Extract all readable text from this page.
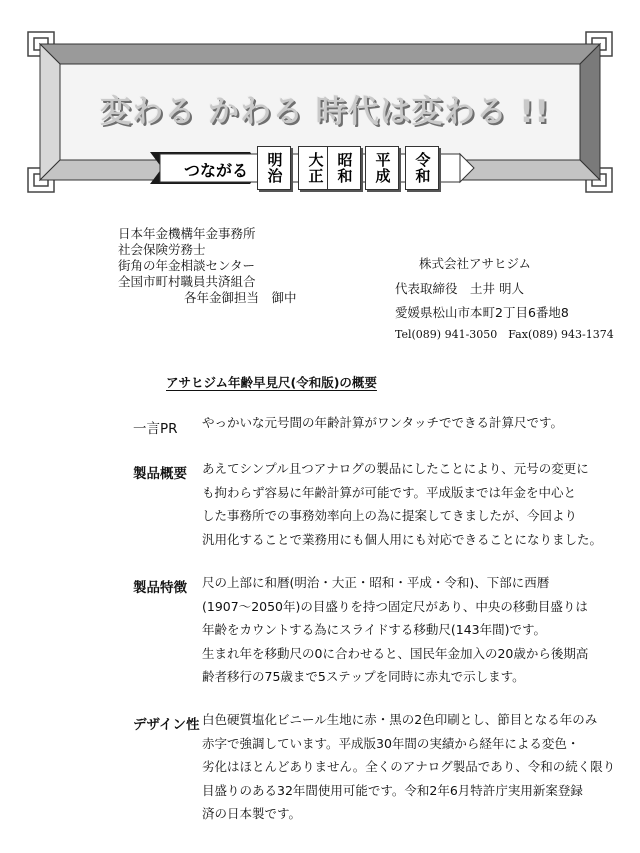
変わる かわる 時代は変わる !!
つながる	明治 大正 昭和 平成 令和
日本年金機構年金事務所
社会保険労務士
街角の年金相談センター
全国市町村職員共済組合
各年金御担当　御中
株式会社アサヒジム
代表取締役　土井 明人
愛媛県松山市本町2丁目6番地8
Tel(089) 941-3050　Fax(089) 943-1374
アサヒジム年齢早見尺(令和版)の概要
一言PR やっかいな元号間の年齢計算がワンタッチでできる計算尺です。
製品概要 あえてシンプル且つアナログの製品にしたことにより、元号の変更に
も拘わらず容易に年齢計算が可能です。平成版までは年金を中心と
した事務所での事務効率向上の為に提案してきましたが、今回より
汎用化することで業務用にも個人用にも対応できることになりました。
製品特徴 尺の上部に和暦(明治・大正・昭和・平成・令和)、下部に西暦
(1907～2050年)の目盛りを持つ固定尺があり、中央の移動目盛りは
年齢をカウントする為にスライドする移動尺(143年間)です。
生まれ年を移動尺の0に合わせると、国民年金加入の20歳から後期高
齢者移行の75歳まで5ステップを同時に赤丸で示します。
デザイン性 白色硬質塩化ビニール生地に赤・黒の2色印刷とし、節目となる年のみ
赤字で強調しています。平成版30年間の実績から経年による変色・
劣化はほとんどありません。全くのアナログ製品であり、令和の続く限り
目盛りのある32年間使用可能です。令和2年6月特許庁実用新案登録
済の日本製です。
